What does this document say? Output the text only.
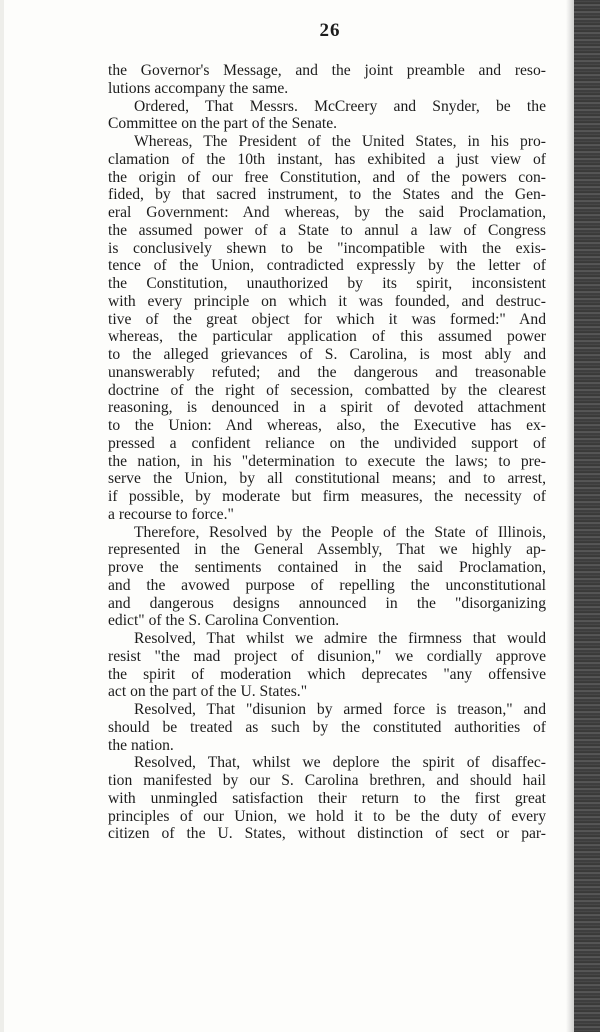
26
the Governor's Message, and the joint preamble and reso-
lutions accompany the same.
Ordered, That Messrs. McCreery and Snyder, be the
Committee on the part of the Senate.
Whereas, The President of the United States, in his pro-
clamation of the 10th instant, has exhibited a just view of
the origin of our free Constitution, and of the powers con-
fided, by that sacred instrument, to the States and the Gen-
eral Government: And whereas, by the said Proclamation,
the assumed power of a State to annul a law of Congress
is conclusively shewn to be "incompatible with the exis-
tence of the Union, contradicted expressly by the letter of
the Constitution, unauthorized by its spirit, inconsistent
with every principle on which it was founded, and destruc-
tive of the great object for which it was formed:" And
whereas, the particular application of this assumed power
to the alleged grievances of S. Carolina, is most ably and
unanswerably refuted; and the dangerous and treasonable
doctrine of the right of secession, combatted by the clearest
reasoning, is denounced in a spirit of devoted attachment
to the Union: And whereas, also, the Executive has ex-
pressed a confident reliance on the undivided support of
the nation, in his "determination to execute the laws; to pre-
serve the Union, by all constitutional means; and to arrest,
if possible, by moderate but firm measures, the necessity of
a recourse to force."
Therefore, Resolved by the People of the State of Illinois,
represented in the General Assembly, That we highly ap-
prove the sentiments contained in the said Proclamation,
and the avowed purpose of repelling the unconstitutional
and dangerous designs announced in the "disorganizing
edict" of the S. Carolina Convention.
Resolved, That whilst we admire the firmness that would
resist "the mad project of disunion," we cordially approve
the spirit of moderation which deprecates "any offensive
act on the part of the U. States."
Resolved, That "disunion by armed force is treason," and
should be treated as such by the constituted authorities of
the nation.
Resolved, That, whilst we deplore the spirit of disaffec-
tion manifested by our S. Carolina brethren, and should hail
with unmingled satisfaction their return to the first great
principles of our Union, we hold it to be the duty of every
citizen of the U. States, without distinction of sect or par-
